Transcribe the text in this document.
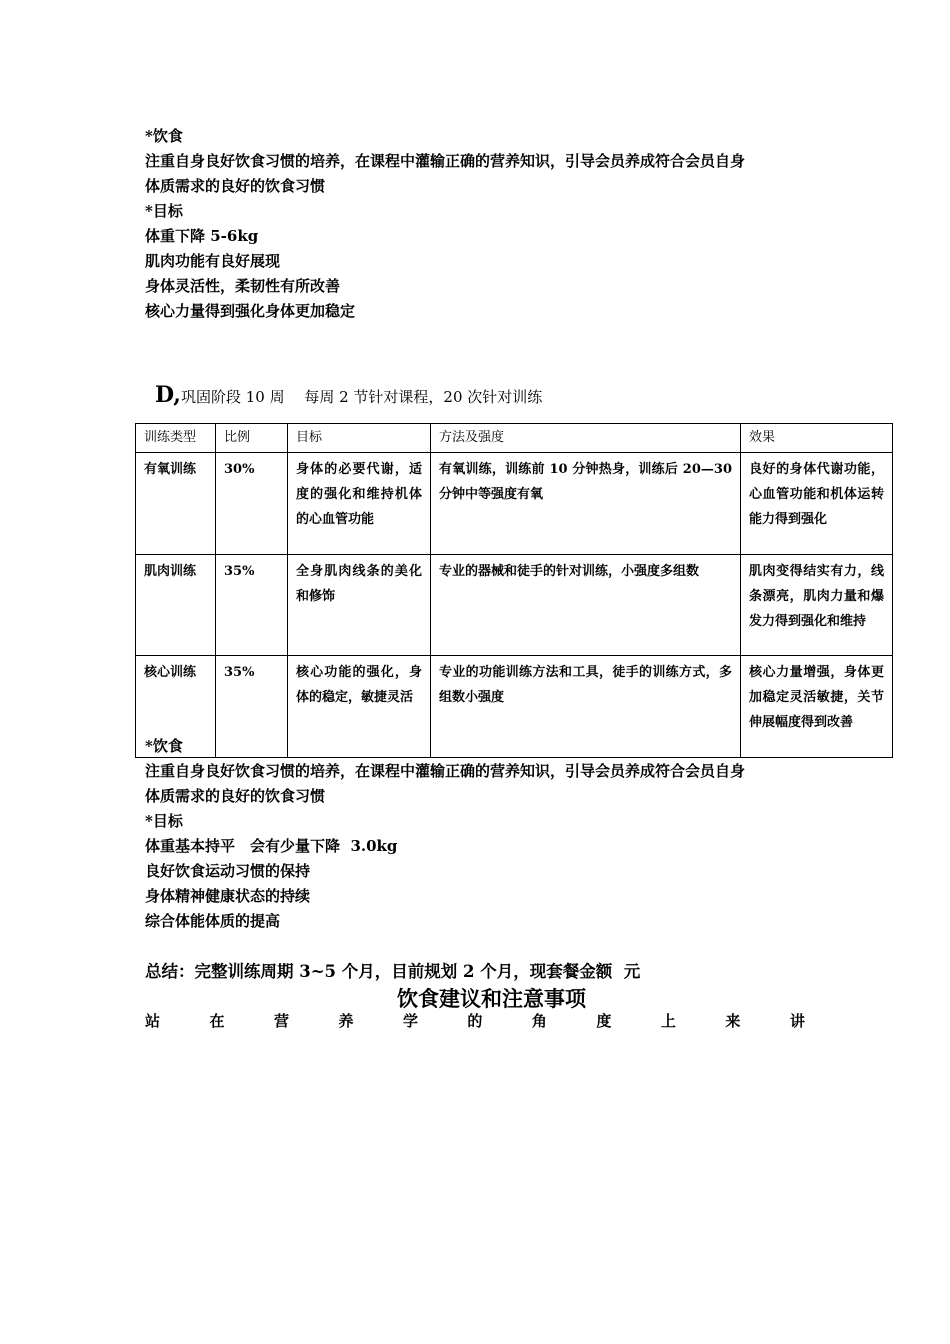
*饮食

注重自身良好饮食习惯的培养，在课程中灌输正确的营养知识，引导会员养成符合会员自身

体质需求的良好的饮食习惯

*目标

体重下降 5-6kg

肌肉功能有良好展现

身体灵活性，柔韧性有所改善

核心力量得到强化身体更加稳定

D,巩固阶段 10 周　 每周 2 节针对课程，20 次针对训练
训练类型	比例	目标	方法及强度	效果
有氧训练	30%	身体的必要代谢，适度的强化和维持机体的心血管功能	有氧训练，训练前 10 分钟热身，训练后 20—30 分钟中等强度有氧	良好的身体代谢功能，心血管功能和机体运转能力得到强化
肌肉训练	35%	全身肌肉线条的美化和修饰	专业的器械和徒手的针对训练，小强度多组数	肌肉变得结实有力，线条漂亮，肌肉力量和爆发力得到强化和维持
核心训练	35%	核心功能的强化，身体的稳定，敏捷灵活	专业的功能训练方法和工具，徒手的训练方式，多组数小强度	核心力量增强，身体更加稳定灵活敏捷，关节伸展幅度得到改善

*饮食

注重自身良好饮食习惯的培养，在课程中灌输正确的营养知识，引导会员养成符合会员自身

体质需求的良好的饮食习惯

*目标

体重基本持平　会有少量下降  3.0kg

良好饮食运动习惯的保持

身体精神健康状态的持续

综合体能体质的提高

总结：完整训练周期 3~5 个月，目前规划 2 个月，现套餐金额  元
饮食建议和注意事项
站	在	营	养	学	的	角	度	上	来	讲
